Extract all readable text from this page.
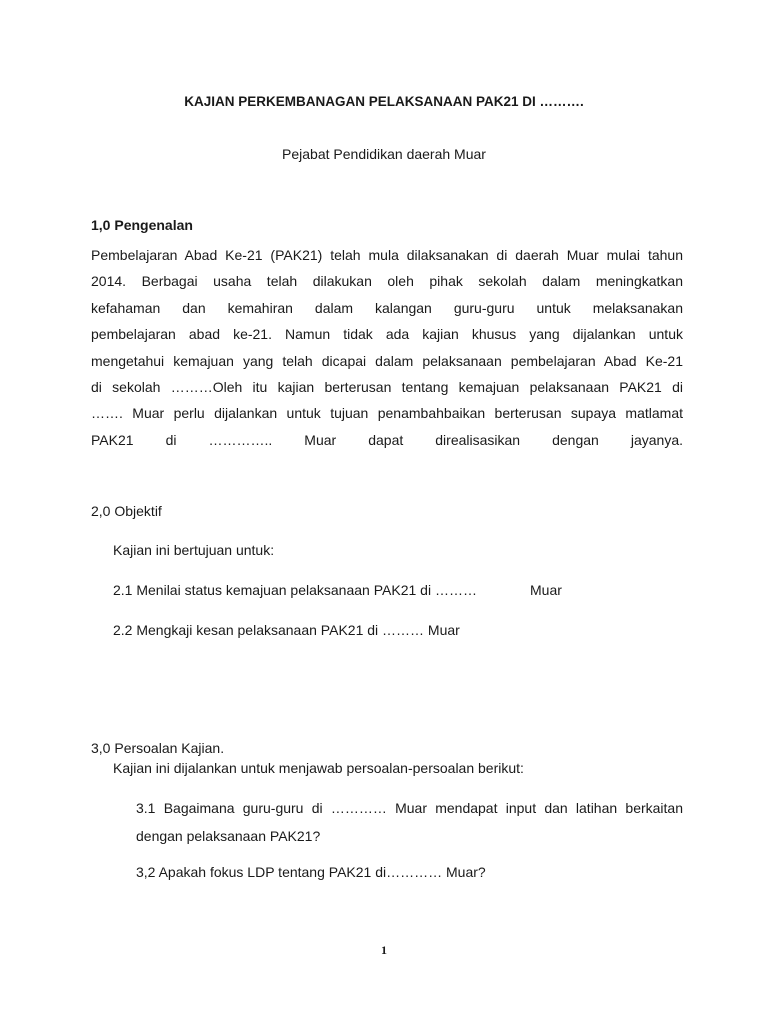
KAJIAN PERKEMBANAGAN PELAKSANAAN PAK21 DI ……….
Pejabat Pendidikan daerah Muar
1,0 Pengenalan
Pembelajaran Abad Ke-21 (PAK21) telah mula dilaksanakan di daerah Muar mulai tahun
2014. Berbagai usaha telah dilakukan oleh pihak sekolah dalam meningkatkan
kefahaman dan kemahiran dalam kalangan guru-guru untuk melaksanakan
pembelajaran abad ke-21. Namun tidak ada kajian khusus yang dijalankan untuk
mengetahui kemajuan yang telah dicapai dalam pelaksanaan pembelajaran Abad Ke-21
di sekolah ………Oleh itu kajian berterusan tentang kemajuan pelaksanaan PAK21 di
……. Muar perlu dijalankan untuk tujuan penambahbaikan berterusan supaya matlamat
PAK21 di ………….. Muar dapat direalisasikan dengan jayanya.
2,0 Objektif
Kajian ini bertujuan untuk:
2.1 Menilai status kemajuan pelaksanaan PAK21 di ………	Muar
2.2 Mengkaji kesan pelaksanaan PAK21 di ……… Muar
3,0 Persoalan Kajian.
Kajian ini dijalankan untuk menjawab persoalan-persoalan berikut:
3.1 Bagaimana guru-guru di ………… Muar mendapat input dan latihan berkaitan
dengan pelaksanaan PAK21?
3,2 Apakah fokus LDP tentang PAK21 di………… Muar?
1
